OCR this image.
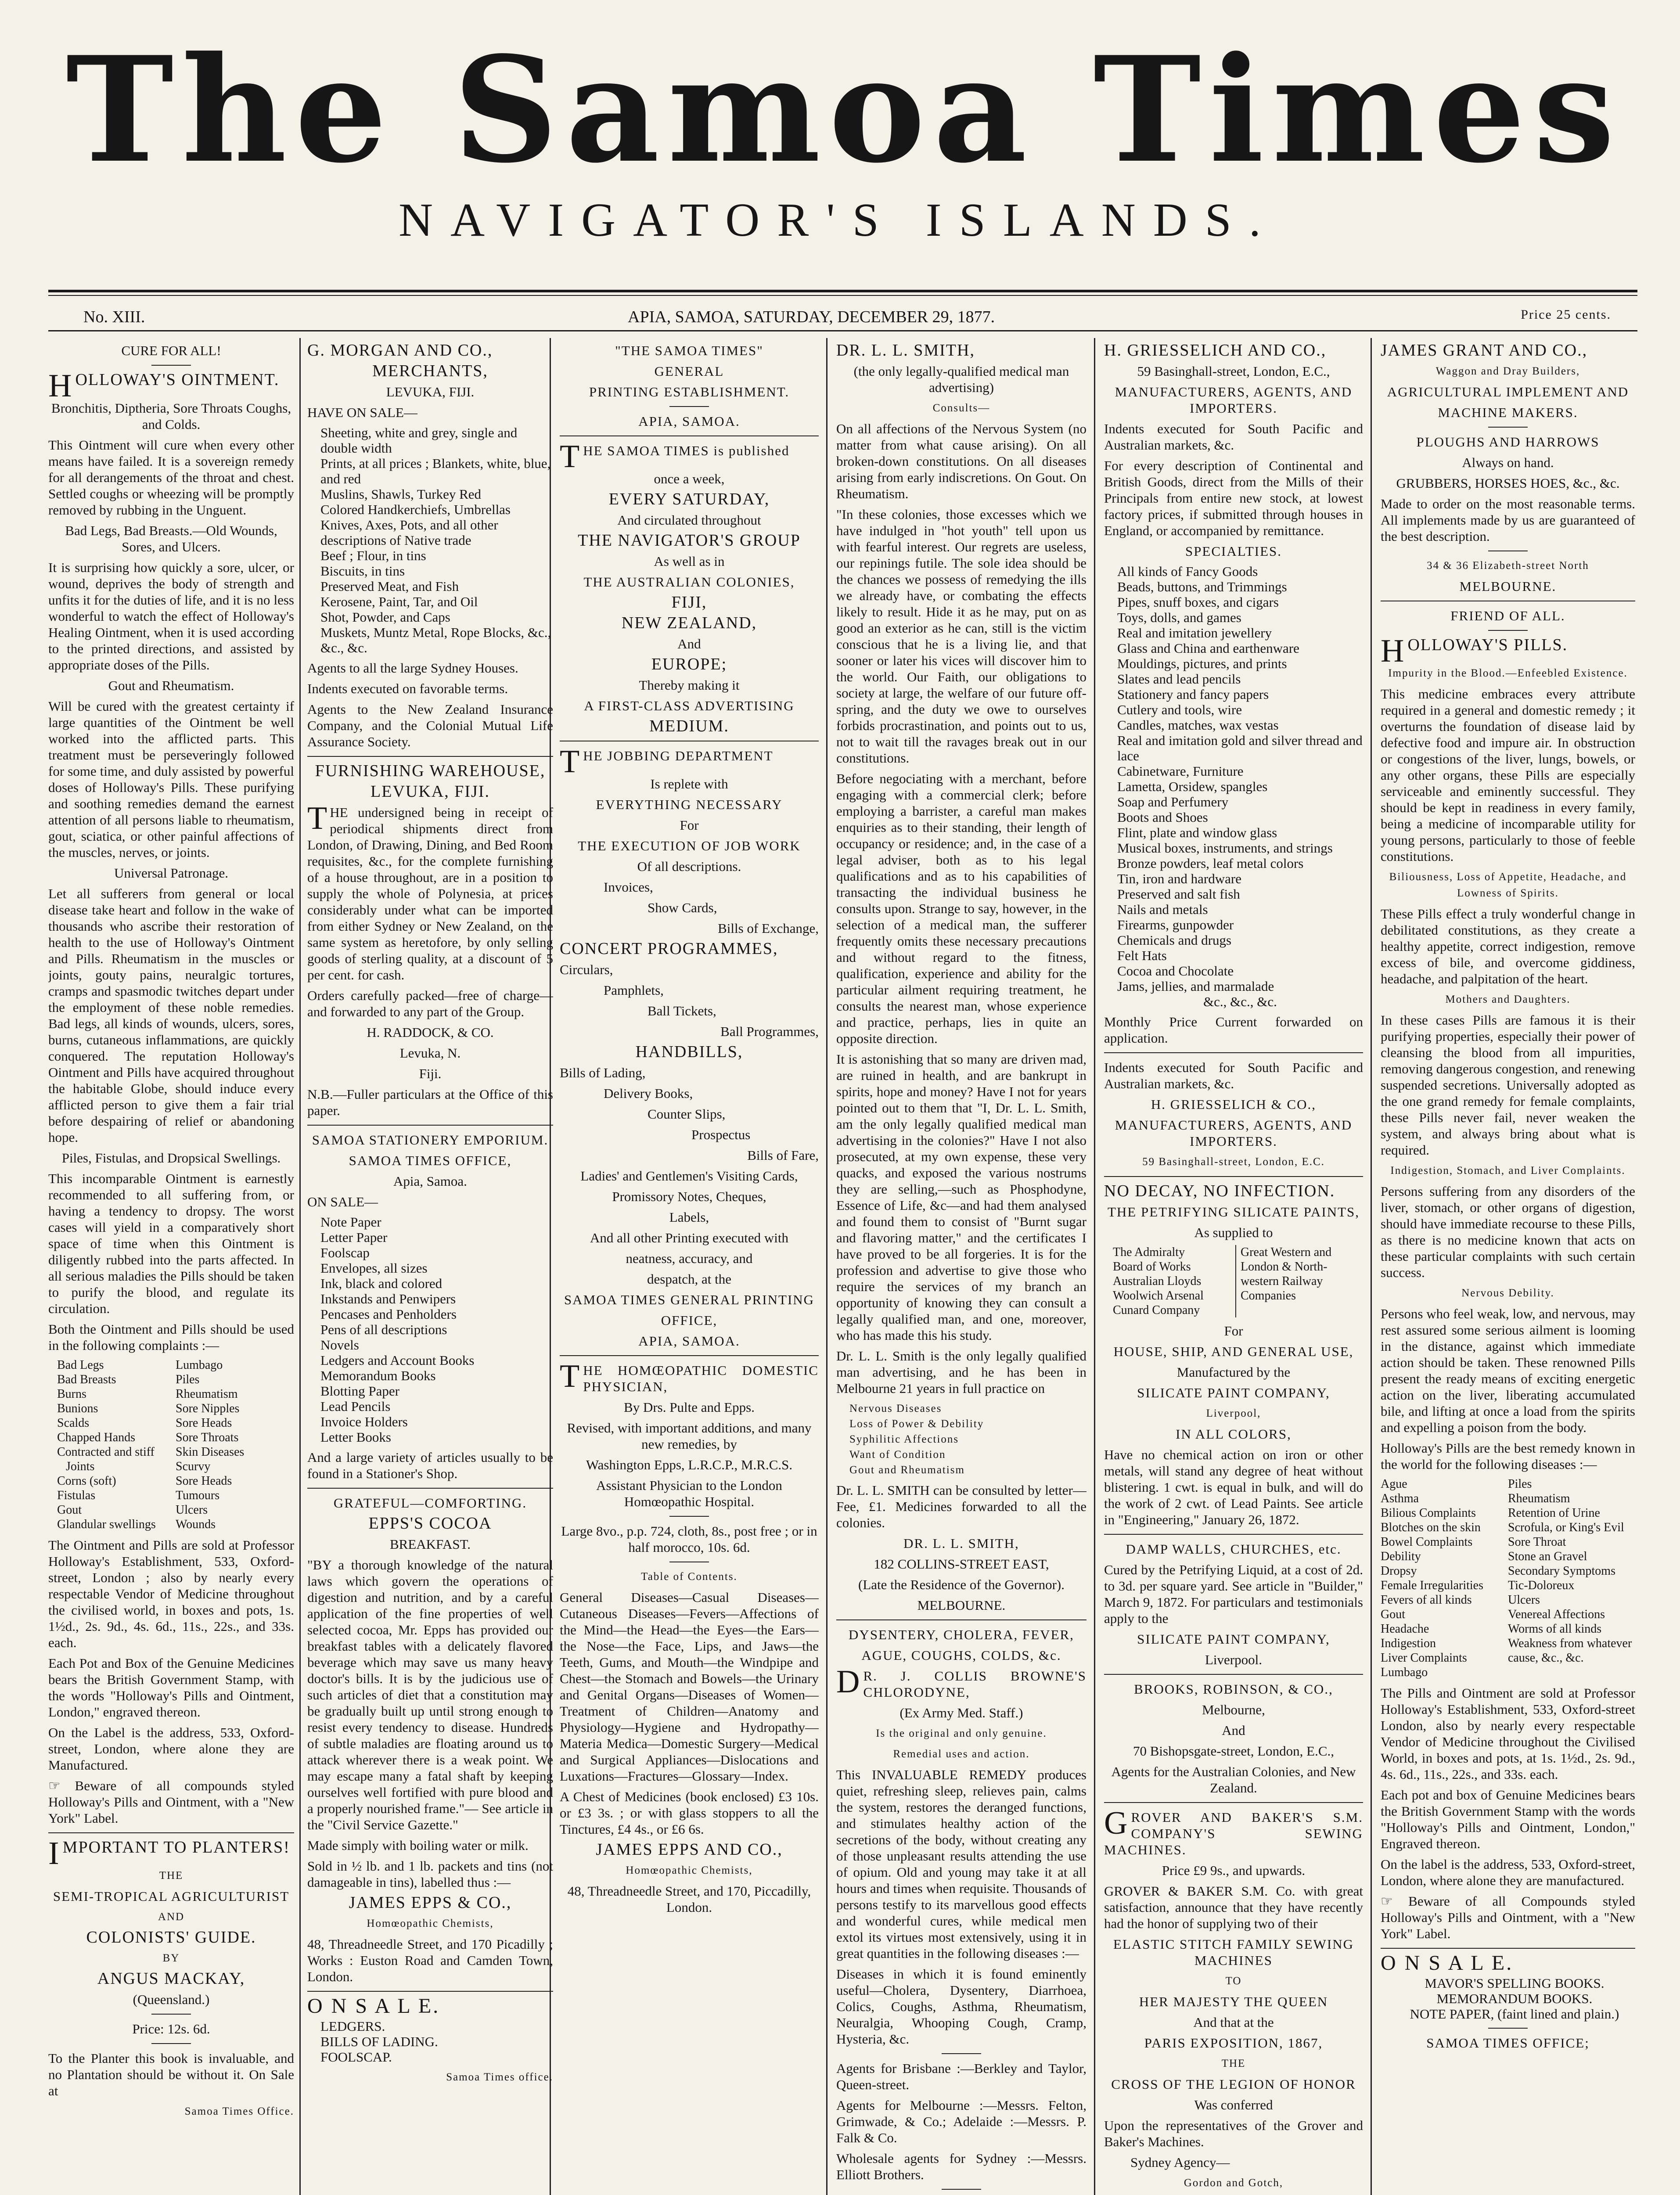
The Samoa Times
NAVIGATOR'S ISLANDS.
No. XIII.	APIA, SAMOA, SATURDAY, DECEMBER 29, 1877.	Price 25 cents.

CURE FOR ALL!

HOLLOWAY'S OINTMENT.

Bronchitis, Diptheria, Sore Throats Coughs, and Colds.

This Ointment will cure when every other means have failed. It is a sovereign remedy for all derangements of the throat and chest. Settled coughs or wheezing will be promptly removed by rubbing in the Unguent.

Bad Legs, Bad Breasts.—Old Wounds, Sores, and Ulcers.

It is surprising how quickly a sore, ulcer, or wound, deprives the body of strength and unfits it for the duties of life, and it is no less wonderful to watch the effect of Holloway's Healing Ointment, when it is used according to the printed directions, and assisted by appropriate doses of the Pills.

Gout and Rheumatism.

Will be cured with the greatest certainty if large quantities of the Ointment be well worked into the afflicted parts. This treatment must be perseveringly followed for some time, and duly assisted by powerful doses of Holloway's Pills. These purifying and soothing remedies demand the earnest attention of all persons liable to rheumatism, gout, sciatica, or other painful affections of the muscles, nerves, or joints.

Universal Patronage.

Let all sufferers from general or local disease take heart and follow in the wake of thousands who ascribe their restoration of health to the use of Holloway's Ointment and Pills. Rheumatism in the muscles or joints, gouty pains, neuralgic tortures, cramps and spasmodic twitches depart under the employment of these noble remedies. Bad legs, all kinds of wounds, ulcers, sores, burns, cutaneous inflammations, are quickly conquered. The reputation Holloway's Ointment and Pills have acquired throughout the habitable Globe, should induce every afflicted person to give them a fair trial before despairing of relief or abandoning hope.

Piles, Fistulas, and Dropsical Swellings.

This incomparable Ointment is earnestly recommended to all suffering from, or having a tendency to dropsy. The worst cases will yield in a comparatively short space of time when this Ointment is diligently rubbed into the parts affected. In all serious maladies the Pills should be taken to purify the blood, and regulate its circulation.

Both the Ointment and Pills should be used in the following complaints :—

Bad Legs
Bad Breasts
Burns
Bunions
Scalds
Chapped Hands
Contracted and stiff
Joints
Corns (soft)
Fistulas
Gout
Glandular swellings
Lumbago
Piles
Rheumatism
Sore Nipples
Sore Heads
Sore Throats
Skin Diseases
Scurvy
Sore Heads
Tumours
Ulcers
Wounds

The Ointment and Pills are sold at Professor Holloway's Establishment, 533, Oxford-street, London ; also by nearly every respectable Vendor of Medicine throughout the civilised world, in boxes and pots, 1s. 1½d., 2s. 9d., 4s. 6d., 11s., 22s., and 33s. each.

Each Pot and Box of the Genuine Medicines bears the British Government Stamp, with the words "Holloway's Pills and Ointment, London," engraved thereon.

On the Label is the address, 533, Oxford-street, London, where alone they are Manufactured.

☞ Beware of all compounds styled Holloway's Pills and Ointment, with a "New York" Label.

IMPORTANT TO PLANTERS!

THE

SEMI-TROPICAL AGRICULTURIST

AND

COLONISTS' GUIDE.

BY

ANGUS MACKAY,

(Queensland.)

Price: 12s. 6d.

To the Planter this book is invaluable, and no Plantation should be without it. On Sale at

Samoa Times Office.

G. MORGAN AND CO.,

MERCHANTS,

LEVUKA, FIJI.

HAVE ON SALE—

Sheeting, white and grey, single and double width
Prints, at all prices ; Blankets, white, blue, and red
Muslins, Shawls, Turkey Red
Colored Handkerchiefs, Umbrellas
Knives, Axes, Pots, and all other descriptions of Native trade
Beef ; Flour, in tins
Biscuits, in tins
Preserved Meat, and Fish
Kerosene, Paint, Tar, and Oil
Shot, Powder, and Caps
Muskets, Muntz Metal, Rope Blocks, &c., &c., &c.

Agents to all the large Sydney Houses.

Indents executed on favorable terms.

Agents to the New Zealand Insurance Company, and the Colonial Mutual Life Assurance Society.

FURNISHING WAREHOUSE,

LEVUKA, FIJI.

THE undersigned being in receipt of periodical shipments direct from London, of Drawing, Dining, and Bed Room requisites, &c., for the complete furnishing of a house throughout, are in a position to supply the whole of Polynesia, at prices considerably under what can be imported from either Sydney or New Zealand, on the same system as heretofore, by only selling goods of sterling quality, at a discount of 5 per cent. for cash.

Orders carefully packed—free of charge—and forwarded to any part of the Group.

H. RADDOCK, & CO.

Levuka, N.

Fiji.

N.B.—Fuller particulars at the Office of this paper.

SAMOA STATIONERY EMPORIUM.

SAMOA TIMES OFFICE,

Apia, Samoa.

ON SALE—

Note Paper
Letter Paper
Foolscap
Envelopes, all sizes
Ink, black and colored
Inkstands and Penwipers
Pencases and Penholders
Pens of all descriptions
Novels
Ledgers and Account Books
Memorandum Books
Blotting Paper
Lead Pencils
Invoice Holders
Letter Books

And a large variety of articles usually to be found in a Stationer's Shop.

GRATEFUL—COMFORTING.

EPPS'S COCOA

BREAKFAST.

"BY a thorough knowledge of the natural laws which govern the operations of digestion and nutrition, and by a careful application of the fine properties of well selected cocoa, Mr. Epps has provided our breakfast tables with a delicately flavored beverage which may save us many heavy doctor's bills. It is by the judicious use of such articles of diet that a constitution may be gradually built up until strong enough to resist every tendency to disease. Hundreds of subtle maladies are floating around us to attack wherever there is a weak point. We may escape many a fatal shaft by keeping ourselves well fortified with pure blood and a properly nourished frame."— See article in the "Civil Service Gazette."

Made simply with boiling water or milk.

Sold in ½ lb. and 1 lb. packets and tins (not damageable in tins), labelled thus :—

JAMES EPPS & CO.,

Homœopathic Chemists,

48, Threadneedle Street, and 170 Picadilly ; Works : Euston Road and Camden Town, London.

O N S A L E.

LEDGERS.
BILLS OF LADING.
FOOLSCAP.

Samoa Times office.

"THE SAMOA TIMES"

GENERAL

PRINTING ESTABLISHMENT.

APIA, SAMOA.

THE SAMOA TIMES is published

once a week,

EVERY SATURDAY,

And circulated throughout

THE NAVIGATOR'S GROUP

As well as in

THE AUSTRALIAN COLONIES,

FIJI,

NEW ZEALAND,

And

EUROPE;

Thereby making it

A FIRST-CLASS ADVERTISING

MEDIUM.

THE JOBBING DEPARTMENT

Is replete with

EVERYTHING NECESSARY

For

THE EXECUTION OF JOB WORK

Of all descriptions.

Invoices,

Show Cards,

Bills of Exchange,

CONCERT PROGRAMMES,

Circulars,

Pamphlets,

Ball Tickets,

Ball Programmes,

HANDBILLS,

Bills of Lading,

Delivery Books,

Counter Slips,

Prospectus

Bills of Fare,

Ladies' and Gentlemen's Visiting Cards,

Promissory Notes, Cheques,

Labels,

And all other Printing executed with

neatness, accuracy, and

despatch, at the

SAMOA TIMES GENERAL PRINTING

OFFICE,

APIA, SAMOA.

THE HOMŒOPATHIC DOMESTIC PHYSICIAN,

By Drs. Pulte and Epps.

Revised, with important additions, and many new remedies, by

Washington Epps, L.R.C.P., M.R.C.S.

Assistant Physician to the London Homœopathic Hospital.

Large 8vo., p.p. 724, cloth, 8s., post free ; or in half morocco, 10s. 6d.

Table of Contents.

General Diseases—Casual Diseases—Cutaneous Diseases—Fevers—Affections of the Mind—the Head—the Eyes—the Ears—the Nose—the Face, Lips, and Jaws—the Teeth, Gums, and Mouth—the Windpipe and Chest—the Stomach and Bowels—the Urinary and Genital Organs—Diseases of Women—Treatment of Children—Anatomy and Physiology—Hygiene and Hydropathy—Materia Medica—Domestic Surgery—Medical and Surgical Appliances—Dislocations and Luxations—Fractures—Glossary—Index.

A Chest of Medicines (book enclosed) £3 10s. or £3 3s. ; or with glass stoppers to all the Tinctures, £4 4s., or £6 6s.

JAMES EPPS AND CO.,

Homœopathic Chemists,

48, Threadneedle Street, and 170, Piccadilly, London.

DR. L. L. SMITH,

(the only legally-qualified medical man advertising)

Consults—

On all affections of the Nervous System (no matter from what cause arising). On all broken-down constitutions. On all diseases arising from early indiscretions. On Gout. On Rheumatism.

"In these colonies, those excesses which we have indulged in "hot youth" tell upon us with fearful interest. Our regrets are useless, our repinings futile. The sole idea should be the chances we possess of remedying the ills we already have, or combating the effects likely to result. Hide it as he may, put on as good an exterior as he can, still is the victim conscious that he is a living lie, and that sooner or later his vices will discover him to the world. Our Faith, our obligations to society at large, the welfare of our future off-spring, and the duty we owe to ourselves forbids procrastination, and points out to us, not to wait till the ravages break out in our constitutions.

Before negociating with a merchant, before engaging with a commercial clerk; before employing a barrister, a careful man makes enquiries as to their standing, their length of occupancy or residence; and, in the case of a legal adviser, both as to his legal qualifications and as to his capabilities of transacting the individual business he consults upon. Strange to say, however, in the selection of a medical man, the sufferer frequently omits these necessary precautions and without regard to the fitness, qualification, experience and ability for the particular ailment requiring treatment, he consults the nearest man, whose experience and practice, perhaps, lies in quite an opposite direction.

It is astonishing that so many are driven mad, are ruined in health, and are bankrupt in spirits, hope and money? Have I not for years pointed out to them that "I, Dr. L. L. Smith, am the only legally qualified medical man advertising in the colonies?" Have I not also prosecuted, at my own expense, these very quacks, and exposed the various nostrums they are selling,—such as Phosphodyne, Essence of Life, &c—and had them analysed and found them to consist of "Burnt sugar and flavoring matter," and the certificates I have proved to be all forgeries. It is for the profession and advertise to give those who require the services of my branch an opportunity of knowing they can consult a legally qualified man, and one, moreover, who has made this his study.

Dr. L. L. Smith is the only legally qualified man advertising, and he has been in Melbourne 21 years in full practice on

Nervous Diseases
Loss of Power & Debility
Syphilitic Affections
Want of Condition
Gout and Rheumatism

Dr. L. L. SMITH can be consulted by letter—Fee, £1. Medicines forwarded to all the colonies.

DR. L. L. SMITH,

182 COLLINS-STREET EAST,

(Late the Residence of the Governor).

MELBOURNE.

DYSENTERY, CHOLERA, FEVER,

AGUE, COUGHS, COLDS, &c.

D R. J. COLLIS BROWNE'S CHLORODYNE,

(Ex Army Med. Staff.)

Is the original and only genuine.

Remedial uses and action.

This INVALUABLE REMEDY produces quiet, refreshing sleep, relieves pain, calms the system, restores the deranged functions, and stimulates healthy action of the secretions of the body, without creating any of those unpleasant results attending the use of opium. Old and young may take it at all hours and times when requisite. Thousands of persons testify to its marvellous good effects and wonderful cures, while medical men extol its virtues most extensively, using it in great quantities in the following diseases :—

Diseases in which it is found eminently useful—Cholera, Dysentery, Diarrhoea, Colics, Coughs, Asthma, Rheumatism, Neuralgia, Whooping Cough, Cramp, Hysteria, &c.

Agents for Brisbane :—Berkley and Taylor, Queen-street.

Agents for Melbourne :—Messrs. Felton, Grimwade, & Co.; Adelaide :—Messrs. P. Falk & Co.

Wholesale agents for Sydney :—Messrs. Elliott Brothers.

H. GRIESSELICH AND CO.,

59 Basinghall-street, London, E.C.,

MANUFACTURERS, AGENTS, AND IMPORTERS.

Indents executed for South Pacific and Australian markets, &c.

For every description of Continental and British Goods, direct from the Mills of their Principals from entire new stock, at lowest factory prices, if submitted through houses in England, or accompanied by remittance.

SPECIALTIES.

All kinds of Fancy Goods
Beads, buttons, and Trimmings
Pipes, snuff boxes, and cigars
Toys, dolls, and games
Real and imitation jewellery
Glass and China and earthenware
Mouldings, pictures, and prints
Slates and lead pencils
Stationery and fancy papers
Cutlery and tools, wire
Candles, matches, wax vestas
Real and imitation gold and silver thread and lace
Cabinetware, Furniture
Lametta, Orsidew, spangles
Soap and Perfumery
Boots and Shoes
Flint, plate and window glass
Musical boxes, instruments, and strings
Bronze powders, leaf metal colors
Tin, iron and hardware
Preserved and salt fish
Nails and metals
Firearms, gunpowder
Chemicals and drugs
Felt Hats
Cocoa and Chocolate
Jams, jellies, and marmalade
&c., &c., &c.

Monthly Price Current forwarded on application.

Indents executed for South Pacific and Australian markets, &c.

H. GRIESSELICH & CO.,

MANUFACTURERS, AGENTS, AND IMPORTERS.

59 Basinghall-street, London, E.C.

NO DECAY, NO INFECTION.

THE PETRIFYING SILICATE PAINTS,

As supplied to

The Admiralty
Board of Works
Australian Lloyds
Woolwich Arsenal
Cunard Company
Great Western and London & North-western Railway Companies

For

HOUSE, SHIP, AND GENERAL USE,

Manufactured by the

SILICATE PAINT COMPANY,

Liverpool,

IN ALL COLORS,

Have no chemical action on iron or other metals, will stand any degree of heat without blistering. 1 cwt. is equal in bulk, and will do the work of 2 cwt. of Lead Paints. See article in "Engineering," January 26, 1872.

DAMP WALLS, CHURCHES, etc.

Cured by the Petrifying Liquid, at a cost of 2d. to 3d. per square yard. See article in "Builder," March 9, 1872. For particulars and testimonials apply to the

SILICATE PAINT COMPANY,

Liverpool.

BROOKS, ROBINSON, & CO.,

Melbourne,

And

70 Bishopsgate-street, London, E.C.,

Agents for the Australian Colonies, and New Zealand.

GROVER AND BAKER'S S.M. COMPANY'S SEWING MACHINES.

Price £9 9s., and upwards.

GROVER & BAKER S.M. Co. with great satisfaction, announce that they have recently had the honor of supplying two of their

ELASTIC STITCH FAMILY SEWING MACHINES

TO

HER MAJESTY THE QUEEN

And that at the

PARIS EXPOSITION, 1867,

THE

CROSS OF THE LEGION OF HONOR

Was conferred

Upon the representatives of the Grover and Baker's Machines.

Sydney Agency—

Gordon and Gotch,

JAMES GRANT AND CO.,

Waggon and Dray Builders,

AGRICULTURAL IMPLEMENT AND

MACHINE MAKERS.

PLOUGHS AND HARROWS

Always on hand.

GRUBBERS, HORSES HOES, &c., &c.

Made to order on the most reasonable terms. All implements made by us are guaranteed of the best description.

34 & 36 Elizabeth-street North

MELBOURNE.

FRIEND OF ALL.

HOLLOWAY'S PILLS.

Impurity in the Blood.—Enfeebled Existence.

This medicine embraces every attribute required in a general and domestic remedy ; it overturns the foundation of disease laid by defective food and impure air. In obstruction or congestions of the liver, lungs, bowels, or any other organs, these Pills are especially serviceable and eminently successful. They should be kept in readiness in every family, being a medicine of incomparable utility for young persons, particularly to those of feeble constitutions.

Biliousness, Loss of Appetite, Headache, and Lowness of Spirits.

These Pills effect a truly wonderful change in debilitated constitutions, as they create a healthy appetite, correct indigestion, remove excess of bile, and overcome giddiness, headache, and palpitation of the heart.

Mothers and Daughters.

In these cases Pills are famous it is their purifying properties, especially their power of cleansing the blood from all impurities, removing dangerous congestion, and renewing suspended secretions. Universally adopted as the one grand remedy for female complaints, these Pills never fail, never weaken the system, and always bring about what is required.

Indigestion, Stomach, and Liver Complaints.

Persons suffering from any disorders of the liver, stomach, or other organs of digestion, should have immediate recourse to these Pills, as there is no medicine known that acts on these particular complaints with such certain success.

Nervous Debility.

Persons who feel weak, low, and nervous, may rest assured some serious ailment is looming in the distance, against which immediate action should be taken. These renowned Pills present the ready means of exciting energetic action on the liver, liberating accumulated bile, and lifting at once a load from the spirits and expelling a poison from the body.

Holloway's Pills are the best remedy known in the world for the following diseases :—

Ague
Asthma
Bilious Complaints
Blotches on the skin
Bowel Complaints
Debility
Dropsy
Female Irregularities
Fevers of all kinds
Gout
Headache
Indigestion
Liver Complaints
Lumbago
Piles
Rheumatism
Retention of Urine
Scrofula, or King's Evil
Sore Throat
Stone an Gravel
Secondary Symptoms
Tic-Doloreux
Ulcers
Venereal Affections
Worms of all kinds
Weakness from whatever cause, &c., &c.

The Pills and Ointment are sold at Professor Holloway's Establishment, 533, Oxford-street London, also by nearly every respectable Vendor of Medicine throughout the Civilised World, in boxes and pots, at 1s. 1½d., 2s. 9d., 4s. 6d., 11s., 22s., and 33s. each.

Each pot and box of Genuine Medicines bears the British Government Stamp with the words "Holloway's Pills and Ointment, London," Engraved thereon.

On the label is the address, 533, Oxford-street, London, where alone they are manufactured.

☞ Beware of all Compounds styled Holloway's Pills and Ointment, with a "New York" Label.

O N S A L E.

MAVOR'S SPELLING BOOKS.
MEMORANDUM BOOKS.
NOTE PAPER, (faint lined and plain.)

SAMOA TIMES OFFICE;
